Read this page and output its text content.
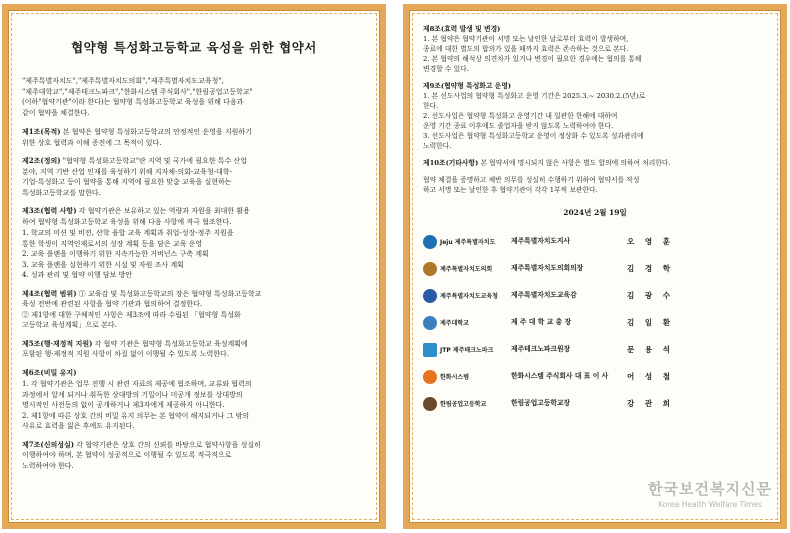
협약형 특성화고등학교 육성을 위한 협약서
"제주특별자치도","제주특별자치도의회","제주특별자치도교육청",
"제주대학교","제주테크노파크","한화시스템 주식회사","한림공업고등학교"
(이하"협약기관"이라 한다)는 협약형 특성화고등학교 육성을 위해 다음과
같이 협약을 체결한다.
제1조(목적) 본 협약은 협약형 특성화고등학교의 안정적인 운영을 지원하기
위한 상호 협력과 이해 증진에 그 목적이 있다.
제2조(정의) "협약형 특성화고등학교"란 지역 및 국가에 필요한 특수 산업
분야, 지역 기반 산업 인재를 육성하기 위해 지자체-의회-교육청-대학-
기업-특성화고 등이 협약을 통해 지역에 필요한 맞춤 교육을 실현하는
특성화고등학교를 말한다.
제3조(협력 사항) 각 협약기관은 보유하고 있는 역량과 자원을 최대한 활용
하여 협약형 특성화고등학교 육성을 위해 다음 사항에 적극 협조한다.
1. 학교의 미션 및 비전, 산학 융합 교육 계획과 취업-성장-정주 지원을
통한 학생이 지역인재로서의 성장 계획 등을 담은 교육 운영
2. 교육 플랜을 이행하기 위한 지속가능한 거버넌스 구축 계획
3. 교육 플랜을 실현하기 위한 시설 및 자원 조사 계획
4. 성과 관리 및 협약 이행 담보 방안
제4조(협력 범위) ① 교육감 및 특성화고등학교의 장은 협약형 특성화고등학교
육성 전반에 관련된 사항을 협약 기관과 협의하여 결정한다.
② 제1항에 대한 구체적인 사항은 제3조에 따라 수립된 「협약형 특성화
고등학교 육성계획」으로 본다.
제5조(행·재정적 지원) 각 협약 기관은 협약형 특성화고등학교 육성계획에
포함된 행·재정적 지원 사항이 차질 없이 이행될 수 있도록 노력한다.
제6조(비밀 유지)
1. 각 협약기관은 업무 진행 시 관련 자료의 제공에 협조하며, 교류와 협력의
과정에서 알게 되거나 취득한 상대방의 기밀이나 미공개 정보를 상대방의
명시적인 사전동의 없이 공개하거나 제3자에게 제공하지 아니한다.
2. 제1항에 따른 상호 간의 비밀 유지 의무는 본 협약이 해지되거나 그 밖의
사유로 효력을 잃은 후에도 유지된다.
제7조(신의성실) 각 협약기관은 상호 간의 신뢰를 바탕으로 협약사항을 성실히
이행하여야 하며, 본 협약이 성공적으로 이행될 수 있도록 적극적으로
노력하여야 한다.
제8조(효력 발생 및 변경)
1. 본 협약은 협약기관이 서명 또는 날인한 날로부터 효력이 발생하며,
종료에 대한 별도의 합의가 있을 때까지 효력은 존속하는 것으로 본다.
2. 본 협약의 해석상 의견차가 있거나 변경이 필요한 경우에는 협의를 통해
변경할 수 있다.
제9조(협약형 특성화고 운영)
1. 본 선도사업의 협약형 특성화고 운영 기간은 2025.3.~ 2030.2.(5년)로
한다.
2. 선도사업은 협약형 특성화고 운영기간 내 일관한 한해에 대하여
운영 기간 종료 이후에도 졸업자을 받지 않도록 노력하여야 한다.
3. 선도사업은 협약형 특성화고등학교 운영이 정상화 수 있도록 성과관리에
노력한다.
제10조(기타사항) 본 협약서에 명시되지 않은 사항은 별도 합의에 의하여 처리한다.
협약 체결을 증명하고 체반 의무를 성실히 수행하기 위하여 협약서를 작성
하고 서명 또는 날인한 후 협약기관이 각각 1부씩 보관한다.
2024년 2월 19일
Jeju 제주특별자치도 제주특별자치도지사	오 영 훈
제주특별자치도의회	제주특별자치도의회의장	김 경 학
제주특별자치도교육청 제주특별자치도교육감	김 광 수
제주대학교	제 주 대 학 교 총 장	김 일 환
JTP 제주테크노파크	제주테크노파크원장	문 용 석
한화시스템	한화시스템 주식회사 대 표 이 사	어 성 철
한림공업고등학교	한림공업고등학교장	강 관 희
한국보건복지신문
Korea Health Welfare Times
